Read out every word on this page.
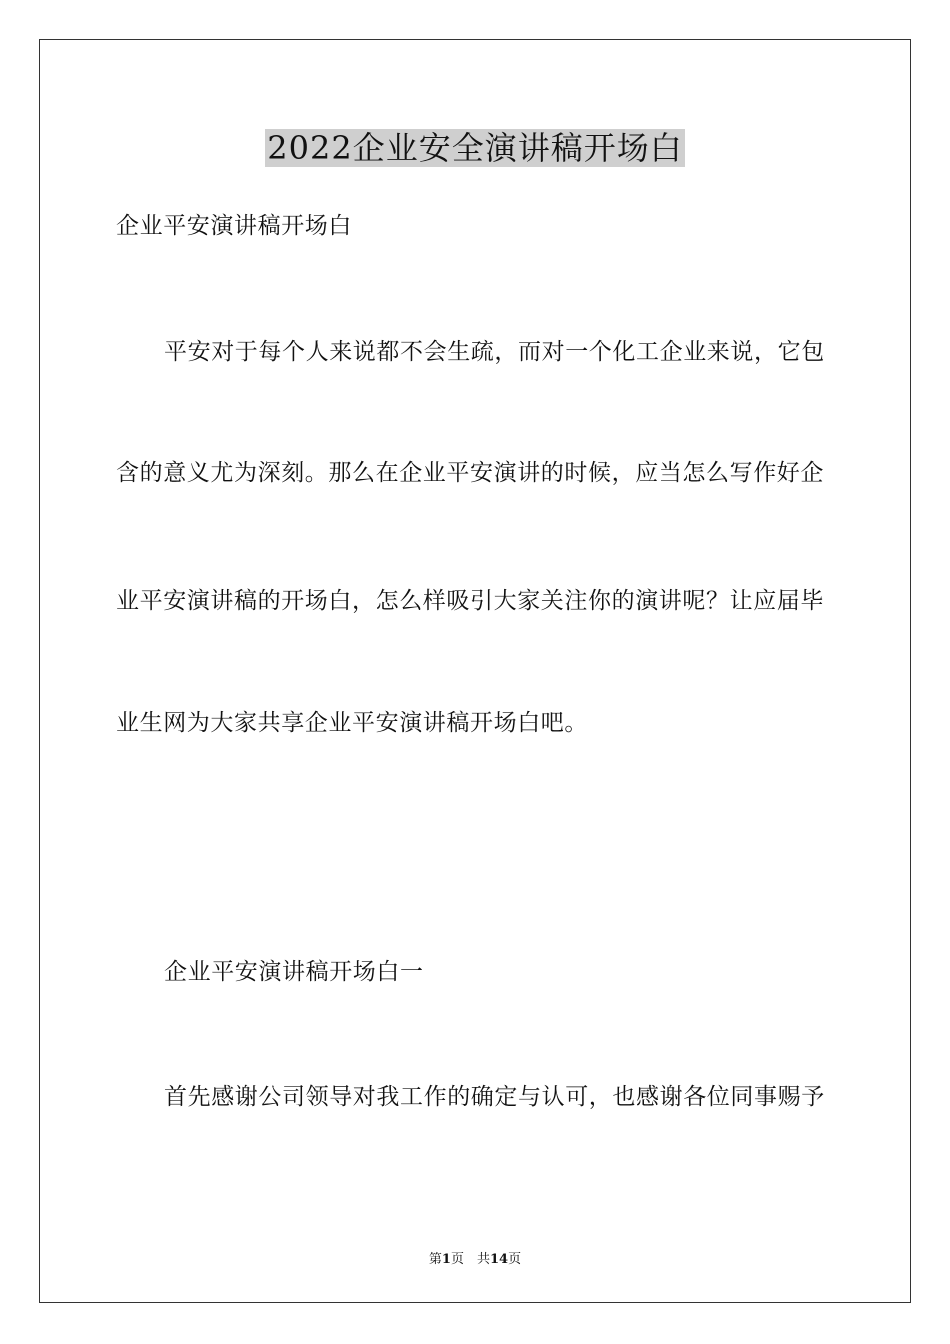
2022企业安全演讲稿开场白
企业平安演讲稿开场白
平安对于每个人来说都不会生疏，而对一个化工企业来说，它包
含的意义尤为深刻。那么在企业平安演讲的时候，应当怎么写作好企
业平安演讲稿的开场白，怎么样吸引大家关注你的演讲呢？让应届毕
业生网为大家共享企业平安演讲稿开场白吧。
企业平安演讲稿开场白一
首先感谢公司领导对我工作的确定与认可，也感谢各位同事赐予
第1页　共14页
